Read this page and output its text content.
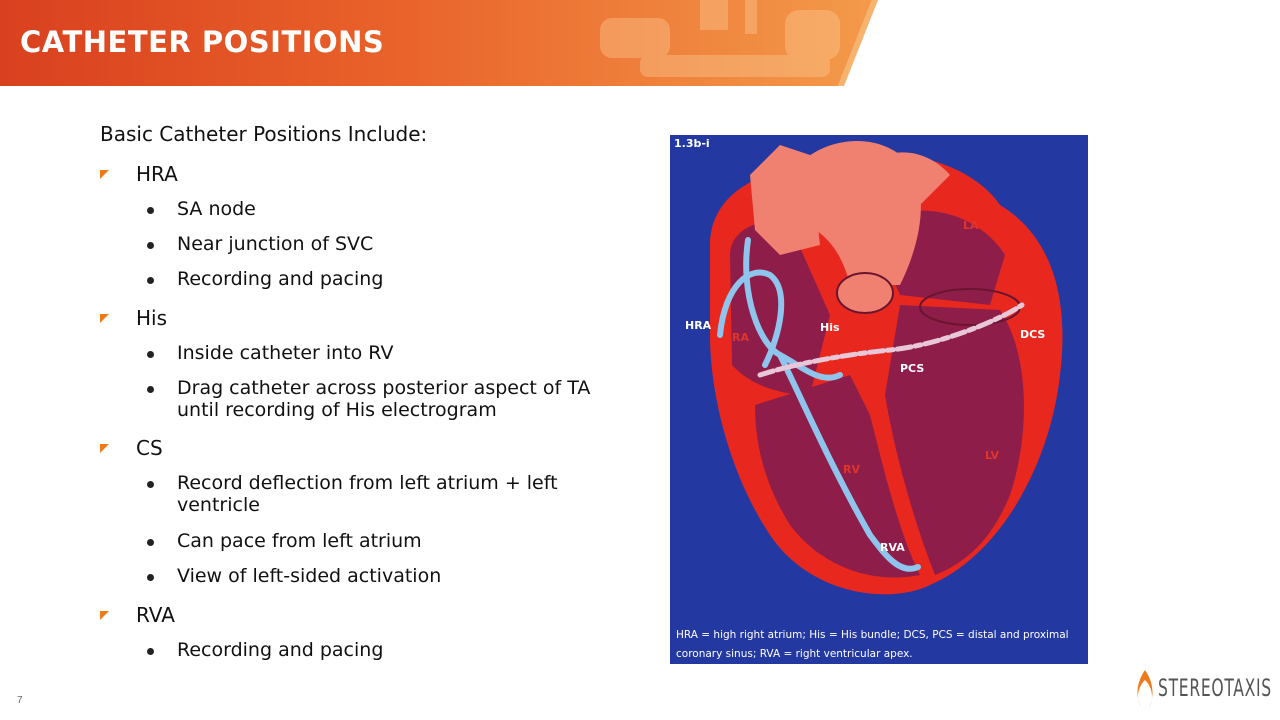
CATHETER POSITIONS
Basic Catheter Positions Include:
HRA
SA node
Near junction of SVC
Recording and pacing
His
Inside catheter into RV
Drag catheter across posterior aspect of TA until recording of His electrogram
CS
Record deflection from left atrium + left ventricle
Can pace from left atrium
View of left-sided activation
RVA
Recording and pacing
1.3b-i
HRA	His
DCS
PCS
RVA
RA
LA
RV
LV
HRA = high right atrium; His = His bundle; DCS, PCS = distal and proximal coronary sinus; RVA = right ventricular apex.
7	STEREOTAXIS
